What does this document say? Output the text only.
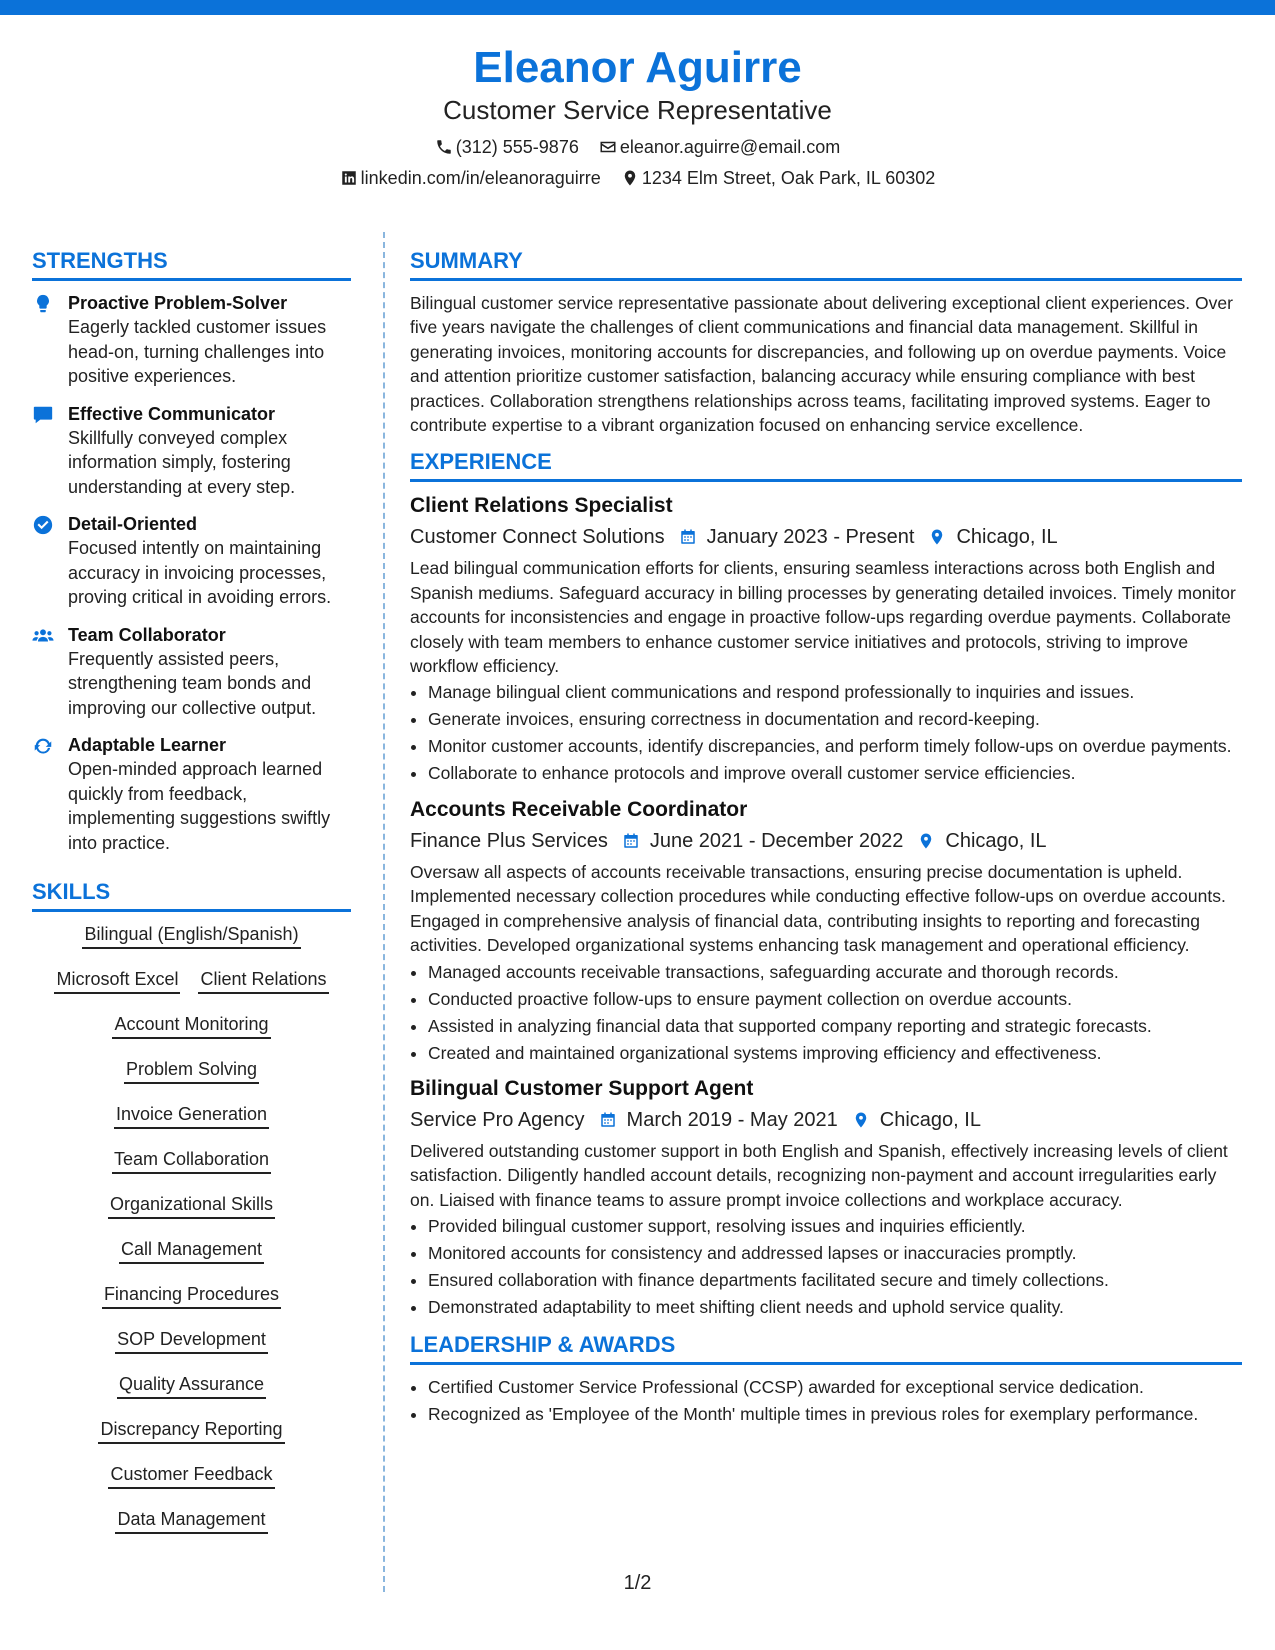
Eleanor Aguirre
Customer Service Representative
(312) 555-9876 eleanor.aguirre@email.com
linkedin.com/in/eleanoraguirre 1234 Elm Street, Oak Park, IL 60302
STRENGTHS
Proactive Problem-Solver
Eagerly tackled customer issues head-on, turning challenges into positive experiences.
Effective Communicator
Skillfully conveyed complex information simply, fostering understanding at every step.
Detail-Oriented
Focused intently on maintaining accuracy in invoicing processes, proving critical in avoiding errors.
Team Collaborator
Frequently assisted peers, strengthening team bonds and improving our collective output.
Adaptable Learner
Open-minded approach learned quickly from feedback, implementing suggestions swiftly into practice.
SKILLS
Bilingual (English/Spanish)
Microsoft Excel Client Relations
Account Monitoring
Problem Solving
Invoice Generation
Team Collaboration
Organizational Skills
Call Management
Financing Procedures
SOP Development
Quality Assurance
Discrepancy Reporting
Customer Feedback
Data Management
SUMMARY

Bilingual customer service representative passionate about delivering exceptional client experiences. Over five years navigate the challenges of client communications and financial data management. Skillful in generating invoices, monitoring accounts for discrepancies, and following up on overdue payments. Voice and attention prioritize customer satisfaction, balancing accuracy while ensuring compliance with best practices. Collaboration strengthens relationships across teams, facilitating improved systems. Eager to contribute expertise to a vibrant organization focused on enhancing service excellence.

EXPERIENCE
Client Relations Specialist
Customer Connect Solutions January 2023 - Present Chicago, IL

Lead bilingual communication efforts for clients, ensuring seamless interactions across both English and Spanish mediums. Safeguard accuracy in billing processes by generating detailed invoices. Timely monitor accounts for inconsistencies and engage in proactive follow-ups regarding overdue payments. Collaborate closely with team members to enhance customer service initiatives and protocols, striving to improve workflow efficiency.

• Manage bilingual client communications and respond professionally to inquiries and issues.
• Generate invoices, ensuring correctness in documentation and record-keeping.
• Monitor customer accounts, identify discrepancies, and perform timely follow-ups on overdue payments.
• Collaborate to enhance protocols and improve overall customer service efficiencies.
Accounts Receivable Coordinator
Finance Plus Services June 2021 - December 2022 Chicago, IL

Oversaw all aspects of accounts receivable transactions, ensuring precise documentation is upheld. Implemented necessary collection procedures while conducting effective follow-ups on overdue accounts. Engaged in comprehensive analysis of financial data, contributing insights to reporting and forecasting activities. Developed organizational systems enhancing task management and operational efficiency.

• Managed accounts receivable transactions, safeguarding accurate and thorough records.
• Conducted proactive follow-ups to ensure payment collection on overdue accounts.
• Assisted in analyzing financial data that supported company reporting and strategic forecasts.
• Created and maintained organizational systems improving efficiency and effectiveness.
Bilingual Customer Support Agent
Service Pro Agency March 2019 - May 2021 Chicago, IL

Delivered outstanding customer support in both English and Spanish, effectively increasing levels of client satisfaction. Diligently handled account details, recognizing non-payment and account irregularities early on. Liaised with finance teams to assure prompt invoice collections and workplace accuracy.

• Provided bilingual customer support, resolving issues and inquiries efficiently.
• Monitored accounts for consistency and addressed lapses or inaccuracies promptly.
• Ensured collaboration with finance departments facilitated secure and timely collections.
• Demonstrated adaptability to meet shifting client needs and uphold service quality.
LEADERSHIP & AWARDS
• Certified Customer Service Professional (CCSP) awarded for exceptional service dedication.
• Recognized as 'Employee of the Month' multiple times in previous roles for exemplary performance.
1/2
